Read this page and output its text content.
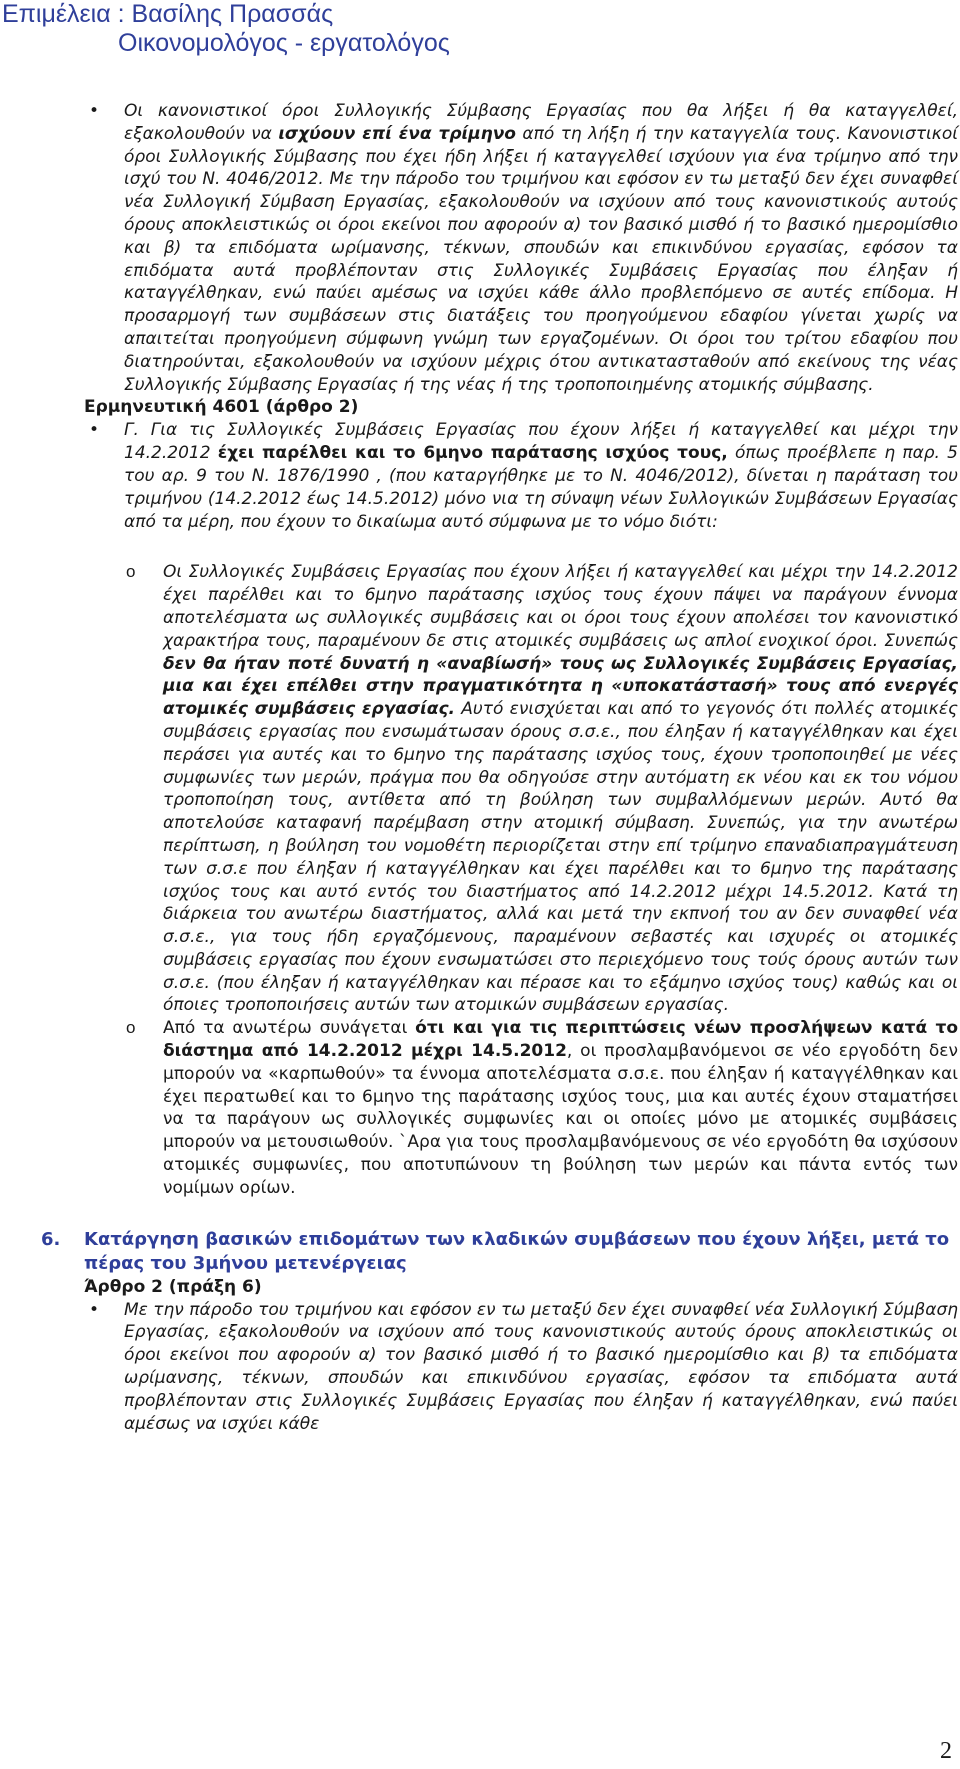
Επιμέλεια : Βασίλης Πρασσάς
Οικονομολόγος - εργατολόγος
• Οι κανονιστικοί όροι Συλλογικής Σύμβασης Εργασίας που θα λήξει ή θα καταγγελθεί, εξακολουθούν να ισχύουν επί ένα τρίμηνο από τη λήξη ή την καταγγελία τους. Κανονιστικοί όροι Συλλογικής Σύμβασης που έχει ήδη λήξει ή καταγγελθεί ισχύουν για ένα τρίμηνο από την ισχύ του Ν. 4046/2012. Με την πάροδο του τριμήνου και εφόσον εν τω μεταξύ δεν έχει συναφθεί νέα Συλλογική Σύμβαση Εργασίας, εξακολουθούν να ισχύουν από τους κανονιστικούς αυτούς όρους αποκλειστικώς οι όροι εκείνοι που αφορούν α) τον βασικό μισθό ή το βασικό ημερομίσθιο και β) τα επιδόματα ωρίμανσης, τέκνων, σπουδών και επικινδύνου εργασίας, εφόσον τα επιδόματα αυτά προβλέπονταν στις Συλλογικές Συμβάσεις Εργασίας που έληξαν ή καταγγέλθηκαν, ενώ παύει αμέσως να ισχύει κάθε άλλο προβλεπόμενο σε αυτές επίδομα. Η προσαρμογή των συμβάσεων στις διατάξεις του προηγούμενου εδαφίου γίνεται χωρίς να απαιτείται προηγούμενη σύμφωνη γνώμη των εργαζομένων. Οι όροι του τρίτου εδαφίου που διατηρούνται, εξακολουθούν να ισχύουν μέχρις ότου αντικατασταθούν από εκείνους της νέας Συλλογικής Σύμβασης Εργασίας ή της νέας ή της τροποποιημένης ατομικής σύμβασης.
Ερμηνευτική 4601 (άρθρο 2)
• Γ. Για τις Συλλογικές Συμβάσεις Εργασίας που έχουν λήξει ή καταγγελθεί και μέχρι την 14.2.2012 έχει παρέλθει και το 6μηνο παράτασης ισχύος τους, όπως προέβλεπε η παρ. 5 του αρ. 9 του Ν. 1876/1990 , (που καταργήθηκε με το Ν. 4046/2012), δίνεται η παράταση του τριμήνου (14.2.2012 έως 14.5.2012) μόνο νια τη σύναψη νέων Συλλογικών Συμβάσεων Εργασίας από τα μέρη, που έχουν το δικαίωμα αυτό σύμφωνα με το νόμο διότι:
o Οι Συλλογικές Συμβάσεις Εργασίας που έχουν λήξει ή καταγγελθεί και μέχρι την 14.2.2012 έχει παρέλθει και το 6μηνο παράτασης ισχύος τους έχουν πάψει να παράγουν έννομα αποτελέσματα ως συλλογικές συμβάσεις και οι όροι τους έχουν απολέσει τον κανονιστικό χαρακτήρα τους, παραμένουν δε στις ατομικές συμβάσεις ως απλοί ενοχικοί όροι. Συνεπώς δεν θα ήταν ποτέ δυνατή η «αναβίωσή» τους ως Συλλογικές Συμβάσεις Εργασίας, μια και έχει επέλθει στην πραγματικότητα η «υποκατάστασή» τους από ενεργές ατομικές συμβάσεις εργασίας. Αυτό ενισχύεται και από το γεγονός ότι πολλές ατομικές συμβάσεις εργασίας που ενσωμάτωσαν όρους σ.σ.ε., που έληξαν ή καταγγέλθηκαν και έχει περάσει για αυτές και το 6μηνο της παράτασης ισχύος τους, έχουν τροποποιηθεί με νέες συμφωνίες των μερών, πράγμα που θα οδηγούσε στην αυτόματη εκ νέου και εκ του νόμου τροποποίηση τους, αντίθετα από τη βούληση των συμβαλλόμενων μερών. Αυτό θα αποτελούσε καταφανή παρέμβαση στην ατομική σύμβαση. Συνεπώς, για την ανωτέρω περίπτωση, η βούληση του νομοθέτη περιορίζεται στην επί τρίμηνο επαναδιαπραγμάτευση των σ.σ.ε που έληξαν ή καταγγέλθηκαν και έχει παρέλθει και το 6μηνο της παράτασης ισχύος τους και αυτό εντός του διαστήματος από 14.2.2012 μέχρι 14.5.2012. Κατά τη διάρκεια του ανωτέρω διαστήματος, αλλά και μετά την εκπνοή του αν δεν συναφθεί νέα σ.σ.ε., για τους ήδη εργαζόμενους, παραμένουν σεβαστές και ισχυρές οι ατομικές συμβάσεις εργασίας που έχουν ενσωματώσει στο περιεχόμενο τους τούς όρους αυτών των σ.σ.ε. (που έληξαν ή καταγγέλθηκαν και πέρασε και το εξάμηνο ισχύος τους) καθώς και οι όποιες τροποποιήσεις αυτών των ατομικών συμβάσεων εργασίας.
o Από τα ανωτέρω συνάγεται ότι και για τις περιπτώσεις νέων προσλήψεων κατά το διάστημα από 14.2.2012 μέχρι 14.5.2012, οι προσλαμβανόμενοι σε νέο εργοδότη δεν μπορούν να «καρπωθούν» τα έννομα αποτελέσματα σ.σ.ε. που έληξαν ή καταγγέλθηκαν και έχει περατωθεί και το 6μηνο της παράτασης ισχύος τους, μια και αυτές έχουν σταματήσει να τα παράγουν ως συλλογικές συμφωνίες και οι οποίες μόνο με ατομικές συμβάσεις μπορούν να μετουσιωθούν. `Αρα για τους προσλαμβανόμενους σε νέο εργοδότη θα ισχύσουν ατομικές συμφωνίες, που αποτυπώνουν τη βούληση των μερών και πάντα εντός των νομίμων ορίων.
6. Κατάργηση βασικών επιδομάτων των κλαδικών συμβάσεων που έχουν λήξει, μετά το πέρας του 3μήνου μετενέργειας
Άρθρο 2 (πράξη 6)
• Με την πάροδο του τριμήνου και εφόσον εν τω μεταξύ δεν έχει συναφθεί νέα Συλλογική Σύμβαση Εργασίας, εξακολουθούν να ισχύουν από τους κανονιστικούς αυτούς όρους αποκλειστικώς οι όροι εκείνοι που αφορούν α) τον βασικό μισθό ή το βασικό ημερομίσθιο και β) τα επιδόματα ωρίμανσης, τέκνων, σπουδών και επικινδύνου εργασίας, εφόσον τα επιδόματα αυτά προβλέπονταν στις Συλλογικές Συμβάσεις Εργασίας που έληξαν ή καταγγέλθηκαν, ενώ παύει αμέσως να ισχύει κάθε
2
